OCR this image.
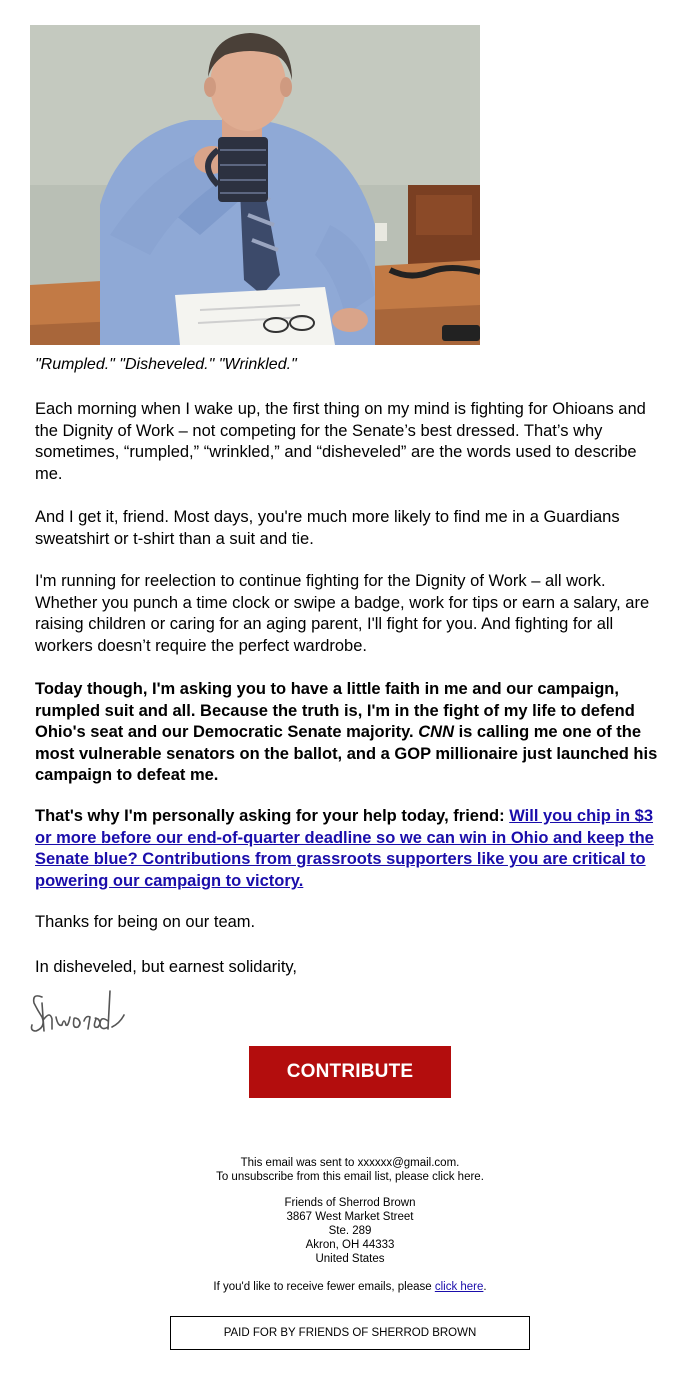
"Rumpled." "Disheveled." "Wrinkled."

Each morning when I wake up, the first thing on my mind is fighting for Ohioans and the Dignity of Work – not competing for the Senate’s best dressed. That’s why sometimes, “rumpled,” “wrinkled,” and “disheveled” are the words used to describe me.

And I get it, friend. Most days, you're much more likely to find me in a Guardians sweatshirt or t-shirt than a suit and tie.

I'm running for reelection to continue fighting for the Dignity of Work – all work. Whether you punch a time clock or swipe a badge, work for tips or earn a salary, are raising children or caring for an aging parent, I'll fight for you. And fighting for all workers doesn’t require the perfect wardrobe.

Today though, I'm asking you to have a little faith in me and our campaign, rumpled suit and all. Because the truth is, I'm in the fight of my life to defend Ohio's seat and our Democratic Senate majority. CNN is calling me one of the most vulnerable senators on the ballot, and a GOP millionaire just launched his campaign to defeat me.

That's why I'm personally asking for your help today, friend: Will you chip in $3 or more before our end-of-quarter deadline so we can win in Ohio and keep the Senate blue? Contributions from grassroots supporters like you are critical to powering our campaign to victory.

Thanks for being on our team.

In disheveled, but earnest solidarity,

CONTRIBUTE
This email was sent to xxxxxx@gmail.com.
To unsubscribe from this email list, please click here.
Friends of Sherrod Brown
3867 West Market Street
Ste. 289
Akron, OH 44333
United States
If you'd like to receive fewer emails, please click here.
PAID FOR BY FRIENDS OF SHERROD BROWN
